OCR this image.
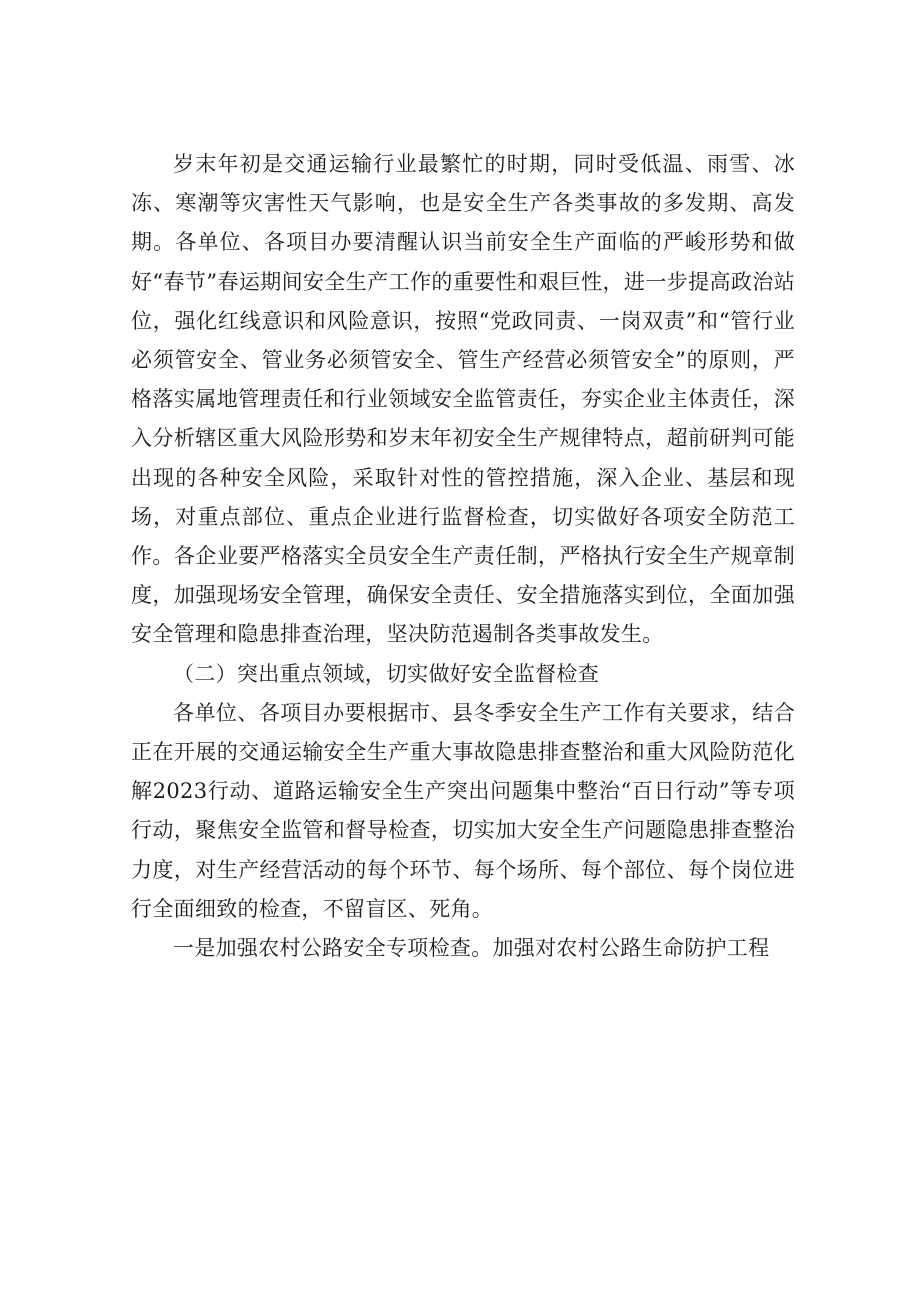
岁末年初是交通运输行业最繁忙的时期，同时受低温、雨雪、冰冻、寒潮等灾害性天气影响，也是安全生产各类事故的多发期、高发期。各单位、各项目办要清醒认识当前安全生产面临的严峻形势和做好“春节”春运期间安全生产工作的重要性和艰巨性，进一步提高政治站位，强化红线意识和风险意识，按照“党政同责、一岗双责”和“管行业必须管安全、管业务必须管安全、管生产经营必须管安全”的原则，严格落实属地管理责任和行业领域安全监管责任，夯实企业主体责任，深入分析辖区重大风险形势和岁末年初安全生产规律特点，超前研判可能出现的各种安全风险，采取针对性的管控措施，深入企业、基层和现场，对重点部位、重点企业进行监督检查，切实做好各项安全防范工作。各企业要严格落实全员安全生产责任制，严格执行安全生产规章制度，加强现场安全管理，确保安全责任、安全措施落实到位，全面加强安全管理和隐患排查治理，坚决防范遏制各类事故发生。

（二）突出重点领域，切实做好安全监督检查

各单位、各项目办要根据市、县冬季安全生产工作有关要求，结合正在开展的交通运输安全生产重大事故隐患排查整治和重大风险防范化解2023行动、道路运输安全生产突出问题集中整治“百日行动”等专项行动，聚焦安全监管和督导检查，切实加大安全生产问题隐患排查整治力度，对生产经营活动的每个环节、每个场所、每个部位、每个岗位进行全面细致的检查，不留盲区、死角。

一是加强农村公路安全专项检查。加强对农村公路生命防护工程
